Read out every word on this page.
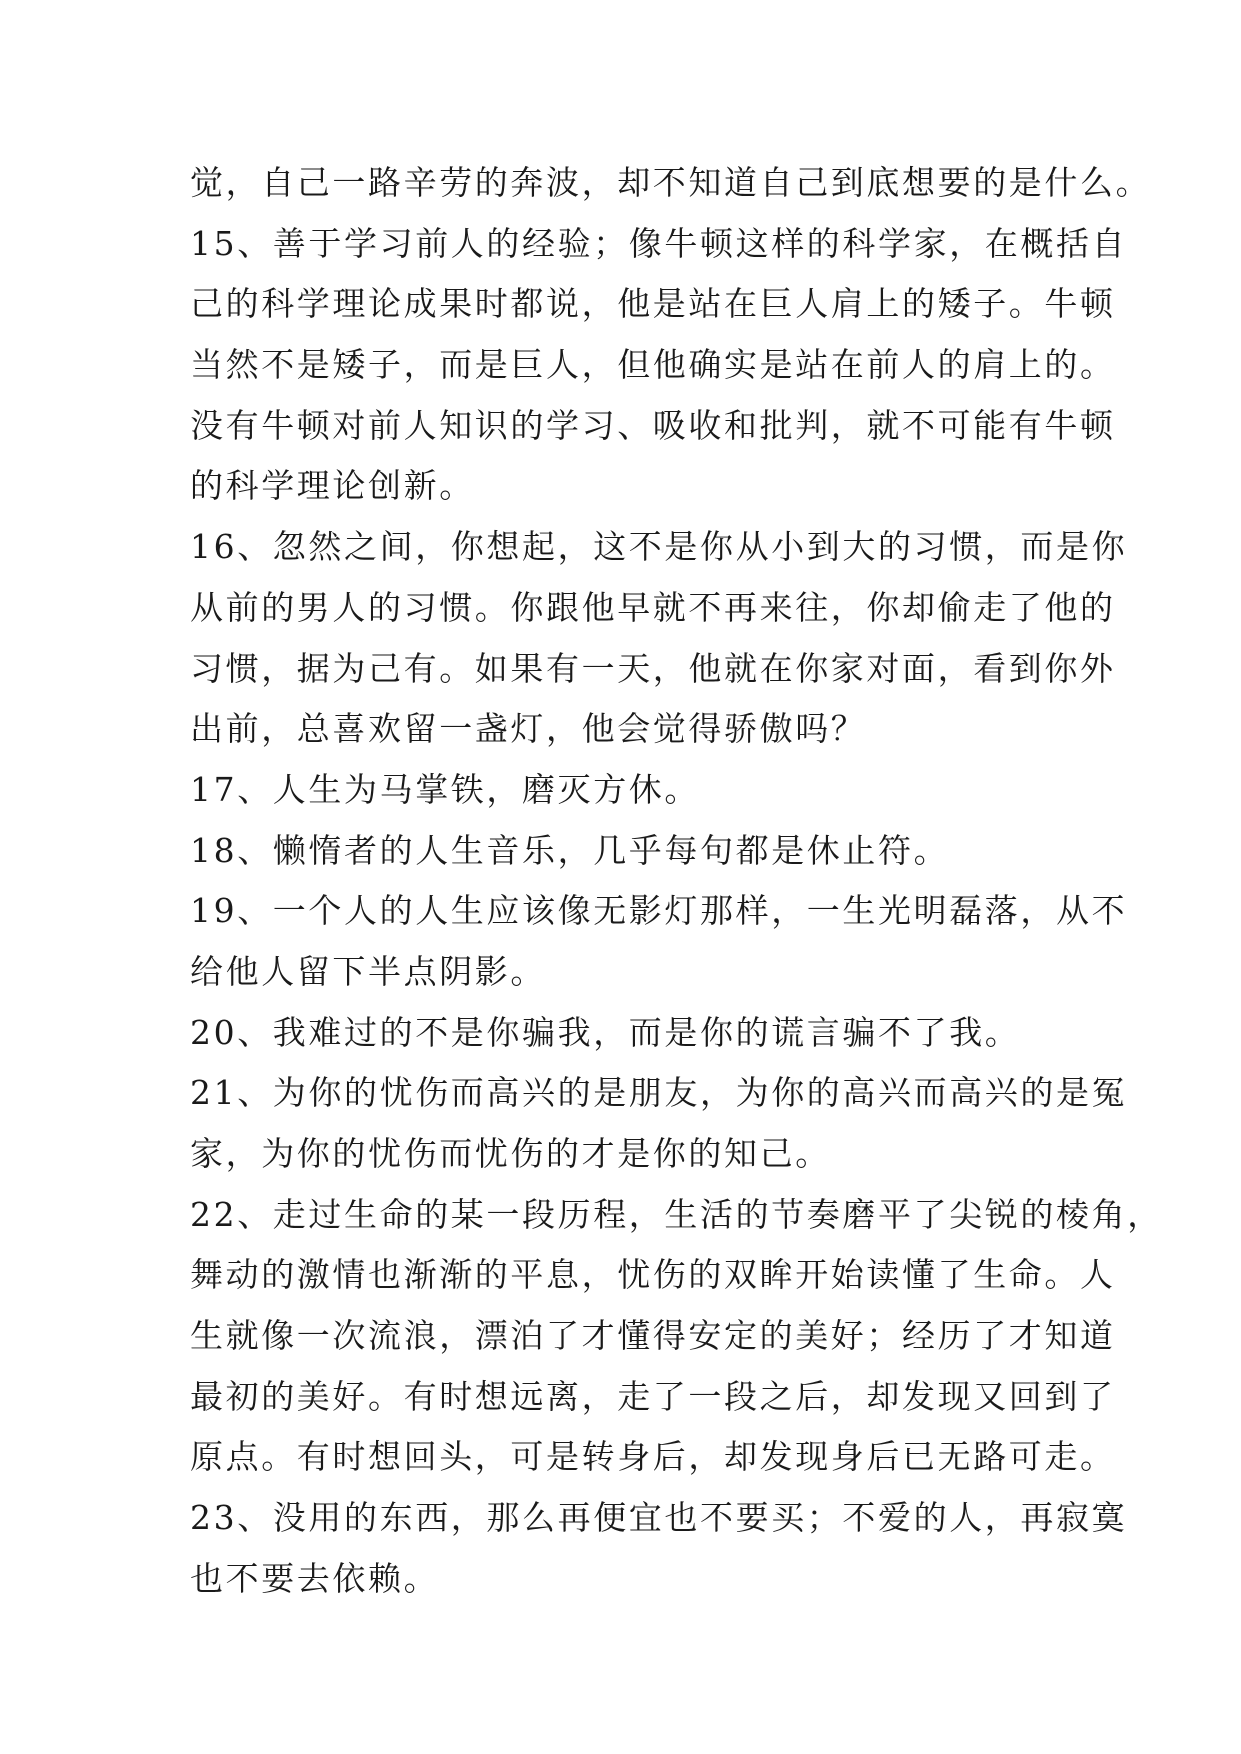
觉，自己一路辛劳的奔波，却不知道自己到底想要的是什么。
15、善于学习前人的经验；像牛顿这样的科学家，在概括自
己的科学理论成果时都说，他是站在巨人肩上的矮子。牛顿
当然不是矮子，而是巨人，但他确实是站在前人的肩上的。
没有牛顿对前人知识的学习、吸收和批判，就不可能有牛顿
的科学理论创新。
16、忽然之间，你想起，这不是你从小到大的习惯，而是你
从前的男人的习惯。你跟他早就不再来往，你却偷走了他的
习惯，据为己有。如果有一天，他就在你家对面，看到你外
出前，总喜欢留一盏灯，他会觉得骄傲吗？
17、人生为马掌铁，磨灭方休。
18、懒惰者的人生音乐，几乎每句都是休止符。
19、一个人的人生应该像无影灯那样，一生光明磊落，从不
给他人留下半点阴影。
20、我难过的不是你骗我，而是你的谎言骗不了我。
21、为你的忧伤而高兴的是朋友，为你的高兴而高兴的是冤
家，为你的忧伤而忧伤的才是你的知己。
22、走过生命的某一段历程，生活的节奏磨平了尖锐的棱角，
舞动的激情也渐渐的平息，忧伤的双眸开始读懂了生命。人
生就像一次流浪，漂泊了才懂得安定的美好；经历了才知道
最初的美好。有时想远离，走了一段之后，却发现又回到了
原点。有时想回头，可是转身后，却发现身后已无路可走。
23、没用的东西，那么再便宜也不要买；不爱的人，再寂寞
也不要去依赖。
